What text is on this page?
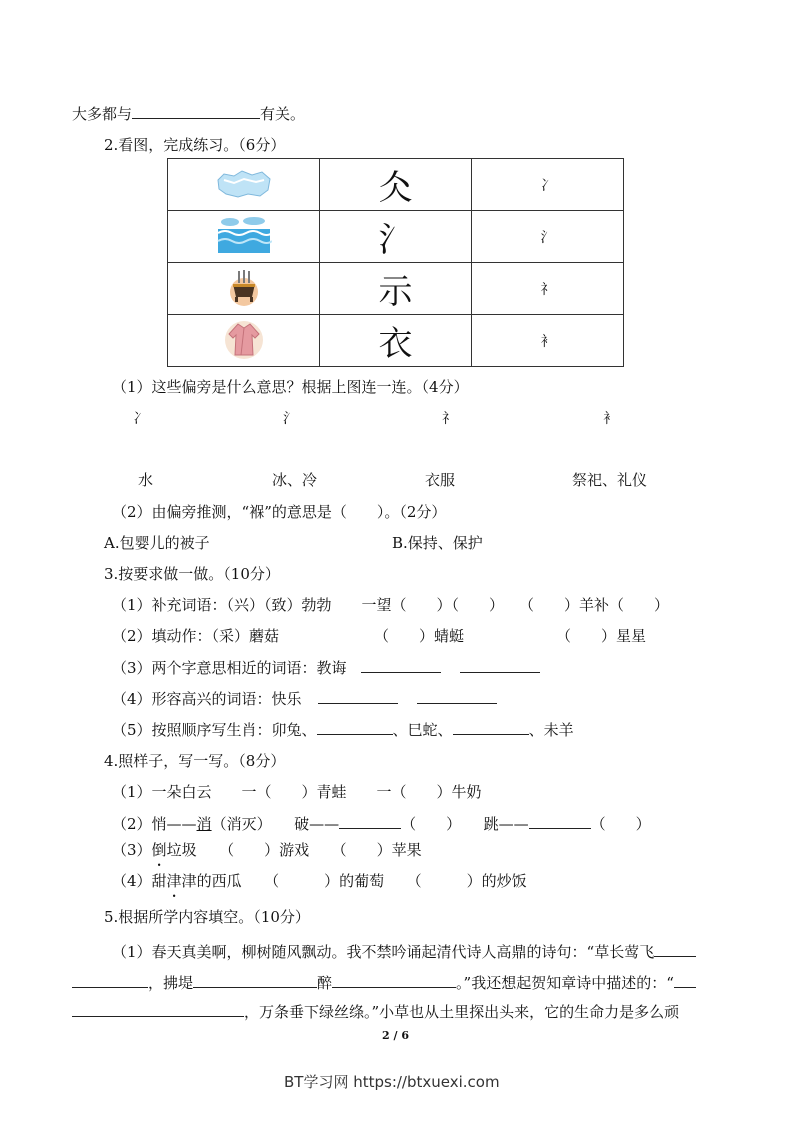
大多都与	有关。
2.看图，完成练习。（6分）
	仌	冫
	氵	氵
	示	礻
	衣	衤
（1）这些偏旁是什么意思？根据上图连一连。（4分）
冫	氵	礻	衤
水	冰、冷	衣服	祭祀、礼仪
（2）由偏旁推测，“褓”的意思是（　　）。（2分）
A.包婴儿的被子	B.保持、保护
3.按要求做一做。（10分）
（1）补充词语：（兴）（致）勃勃　　一望（　　）（　　）　　（　　）羊补（　　）
（2）填动作：（采）蘑菇	（　　）蜻蜓	（　　）星星
（3）两个字意思相近的词语：教诲
（4）形容高兴的词语：快乐
（5）按照顺序写生肖：卯兔、	、巳蛇、	、未羊
4.照样子，写一写。（8分）
（1）一朵白云　　一（　　）青蛙　　一（　　）牛奶
（2）悄——消（消灭）　　破——	（　　）　　跳——	（　　）
（3）倒垃圾　　（　　）游戏　　（　　）苹果
（4）甜津津的西瓜　　（　　　）的葡萄　　（　　　）的炒饭
5.根据所学内容填空。（10分）
（1）春天真美啊，柳树随风飘动。我不禁吟诵起清代诗人高鼎的诗句：“草长莺飞
，拂堤	醉	。”我还想起贺知章诗中描述的：“
，万条垂下绿丝绦。”小草也从土里探出头来，它的生命力是多么顽
2 / 6
BT学习网 https://btxuexi.com
